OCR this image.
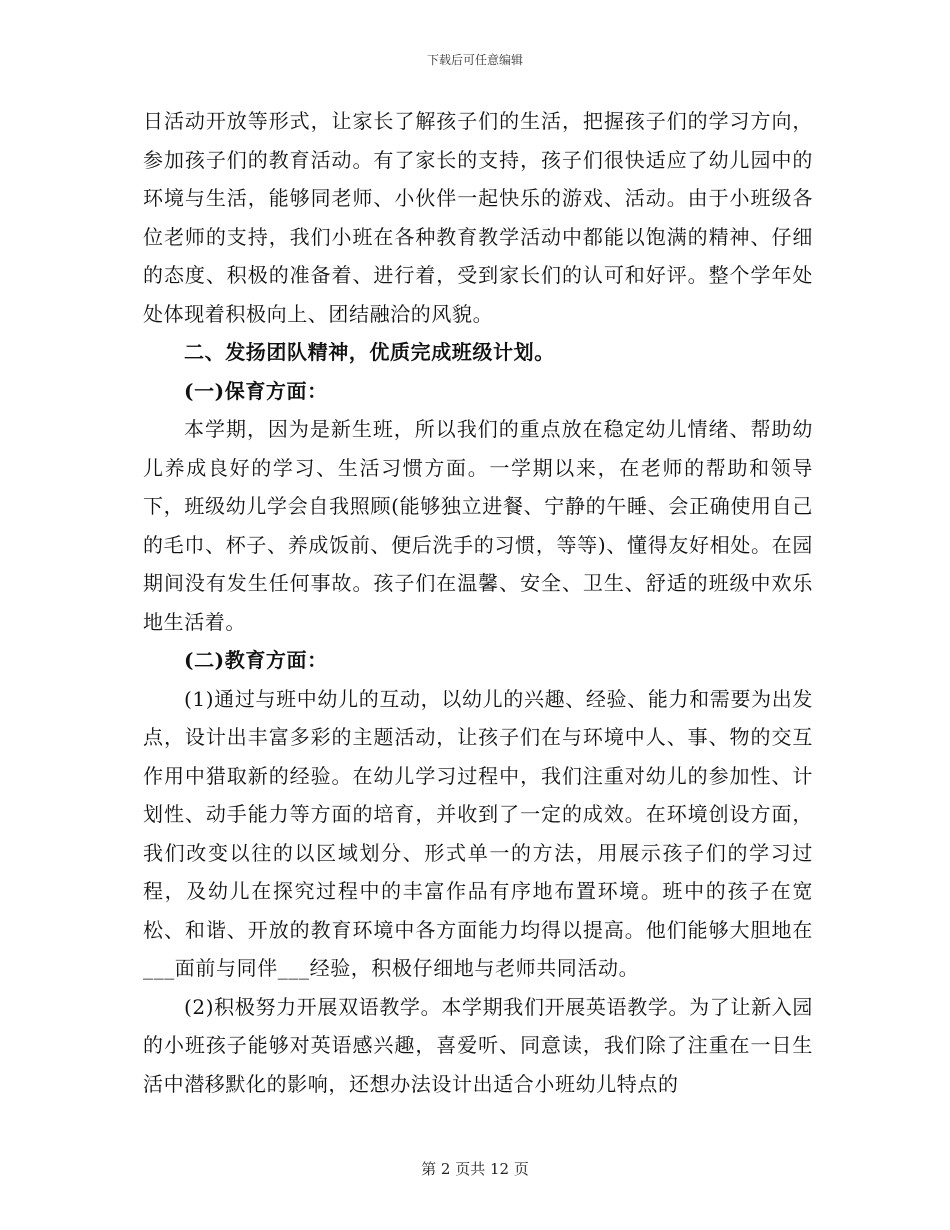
下载后可任意编辑

日活动开放等形式，让家长了解孩子们的生活，把握孩子们的学习方向，参加孩子们的教育活动。有了家长的支持，孩子们很快适应了幼儿园中的环境与生活，能够同老师、小伙伴一起快乐的游戏、活动。由于小班级各位老师的支持，我们小班在各种教育教学活动中都能以饱满的精神、仔细的态度、积极的准备着、进行着，受到家长们的认可和好评。整个学年处处体现着积极向上、团结融洽的风貌。

二、发扬团队精神，优质完成班级计划。

(一)保育方面：

本学期，因为是新生班，所以我们的重点放在稳定幼儿情绪、帮助幼儿养成良好的学习、生活习惯方面。一学期以来，在老师的帮助和领导下，班级幼儿学会自我照顾(能够独立进餐、宁静的午睡、会正确使用自己的毛巾、杯子、养成饭前、便后洗手的习惯，等等)、懂得友好相处。在园期间没有发生任何事故。孩子们在温馨、安全、卫生、舒适的班级中欢乐地生活着。

(二)教育方面：

(1)通过与班中幼儿的互动，以幼儿的兴趣、经验、能力和需要为出发点，设计出丰富多彩的主题活动，让孩子们在与环境中人、事、物的交互作用中猎取新的经验。在幼儿学习过程中，我们注重对幼儿的参加性、计划性、动手能力等方面的培育，并收到了一定的成效。在环境创设方面，我们改变以往的以区域划分、形式单一的方法，用展示孩子们的学习过程，及幼儿在探究过程中的丰富作品有序地布置环境。班中的孩子在宽松、和谐、开放的教育环境中各方面能力均得以提高。他们能够大胆地在___面前与同伴___经验，积极仔细地与老师共同活动。

(2)积极努力开展双语教学。本学期我们开展英语教学。为了让新入园的小班孩子能够对英语感兴趣，喜爱听、同意读，我们除了注重在一日生活中潜移默化的影响，还想办法设计出适合小班幼儿特点的

第 2 页共 12 页
